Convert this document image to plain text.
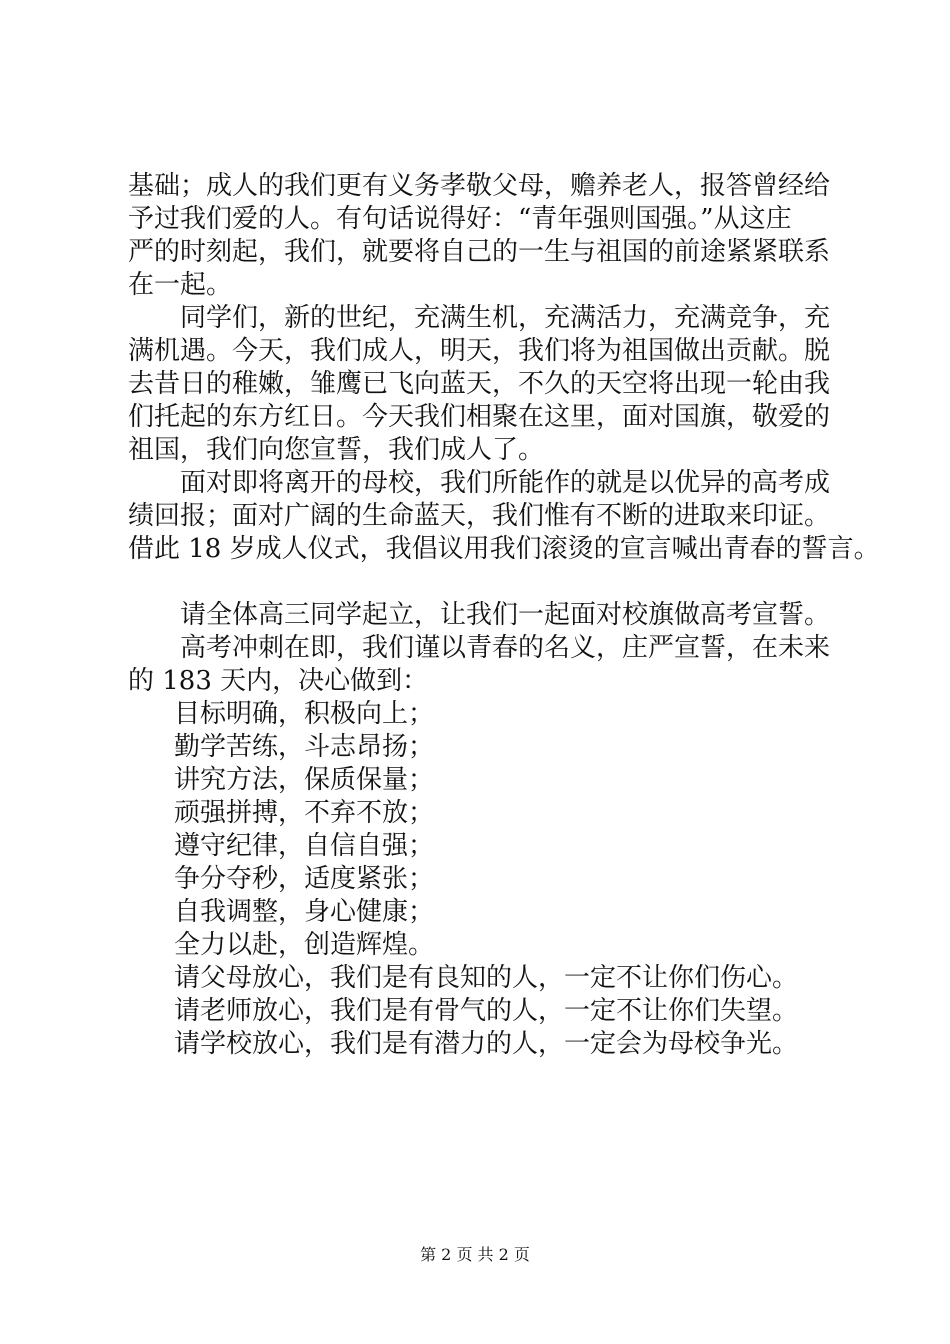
基础；成人的我们更有义务孝敬父母，赡养老人，报答曾经给
予过我们爱的人。有句话说得好：“青年强则国强。”从这庄
严的时刻起，我们，就要将自己的一生与祖国的前途紧紧联系
在一起。
同学们，新的世纪，充满生机，充满活力，充满竞争，充
满机遇。今天，我们成人，明天，我们将为祖国做出贡献。脱
去昔日的稚嫩，雏鹰已飞向蓝天，不久的天空将出现一轮由我
们托起的东方红日。今天我们相聚在这里，面对国旗，敬爱的
祖国，我们向您宣誓，我们成人了。
面对即将离开的母校，我们所能作的就是以优异的高考成
绩回报；面对广阔的生命蓝天，我们惟有不断的进取来印证。
借此 18 岁成人仪式，我倡议用我们滚烫的宣言喊出青春的誓言。
请全体高三同学起立，让我们一起面对校旗做高考宣誓。
高考冲刺在即，我们谨以青春的名义，庄严宣誓，在未来
的 183 天内，决心做到：
目标明确，积极向上；
勤学苦练，斗志昂扬；
讲究方法，保质保量；
顽强拼搏，不弃不放；
遵守纪律，自信自强；
争分夺秒，适度紧张；
自我调整，身心健康；
全力以赴，创造辉煌。
请父母放心，我们是有良知的人，一定不让你们伤心。
请老师放心，我们是有骨气的人，一定不让你们失望。
请学校放心，我们是有潜力的人，一定会为母校争光。
第 2 页 共 2 页
